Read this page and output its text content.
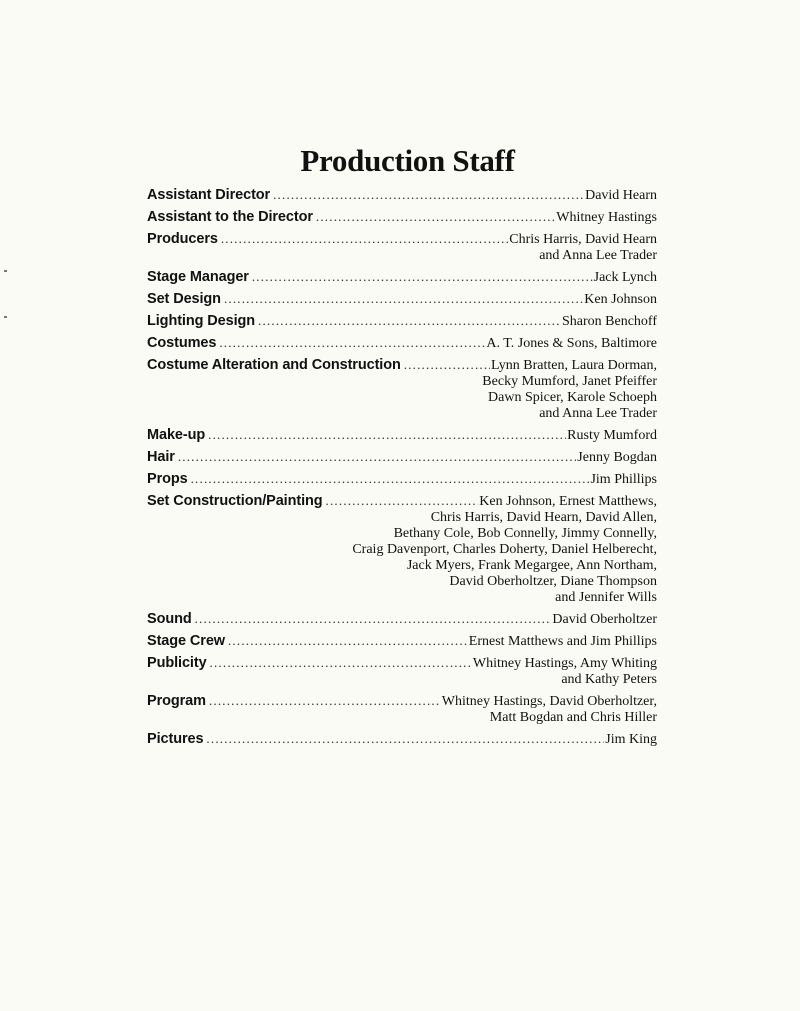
Production Staff
Assistant Director .....	David Hearn
Assistant to the Director .....	Whitney Hastings
Producers .....	Chris Harris, David Hearn
and Anna Lee Trader
Stage Manager .....	Jack Lynch
Set Design .....	Ken Johnson
Lighting Design .....	Sharon Benchoff
Costumes .....	A. T. Jones & Sons, Baltimore
Costume Alteration and Construction .....	Lynn Bratten, Laura Dorman,
Becky Mumford, Janet Pfeiffer
Dawn Spicer, Karole Schoeph
and Anna Lee Trader
Make-up .....	Rusty Mumford
Hair .....	Jenny Bogdan
Props .....	Jim Phillips
Set Construction/Painting .....	Ken Johnson, Ernest Matthews,
Chris Harris, David Hearn, David Allen,
Bethany Cole, Bob Connelly, Jimmy Connelly,
Craig Davenport, Charles Doherty, Daniel Helberecht,
Jack Myers, Frank Megargee, Ann Northam,
David Oberholtzer, Diane Thompson
and Jennifer Wills
Sound .....	David Oberholtzer
Stage Crew .....	Ernest Matthews and Jim Phillips
Publicity .....	Whitney Hastings, Amy Whiting
and Kathy Peters
Program .....	Whitney Hastings, David Oberholtzer,
Matt Bogdan and Chris Hiller
Pictures .....	Jim King
